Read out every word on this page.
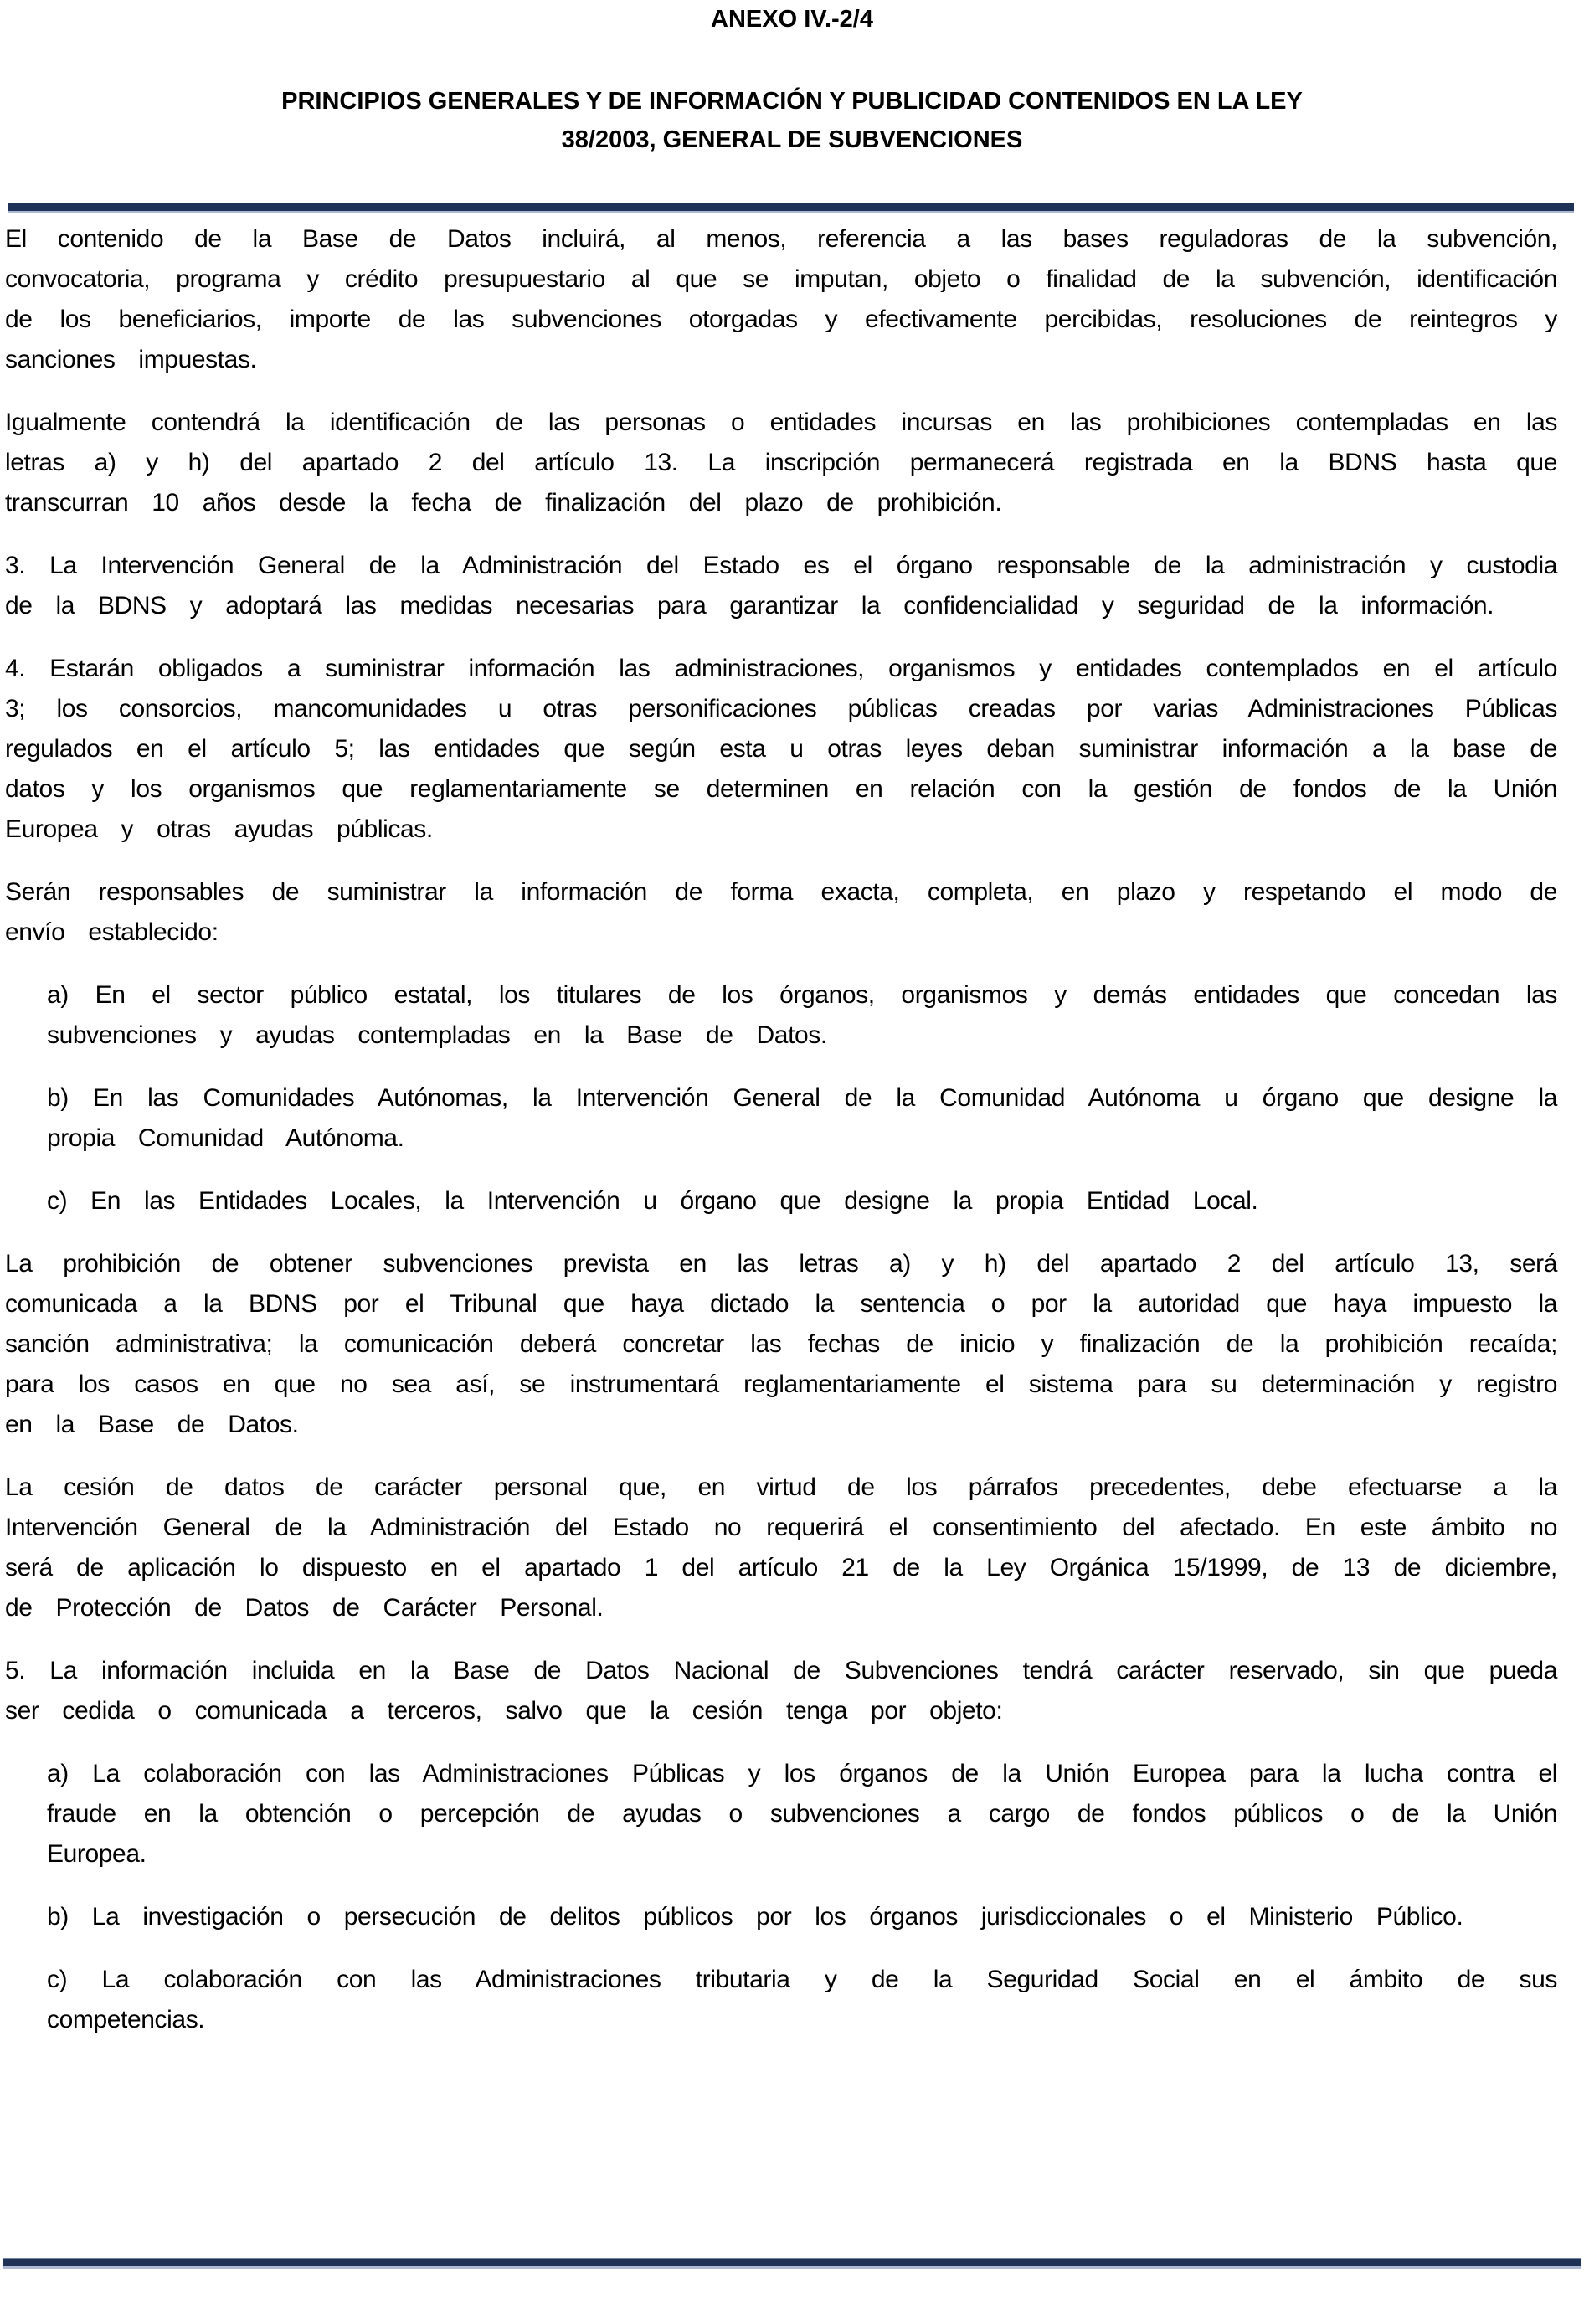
ANEXO IV.-2/4
PRINCIPIOS GENERALES Y DE INFORMACIÓN Y PUBLICIDAD CONTENIDOS EN LA LEY
38/2003, GENERAL DE SUBVENCIONES

El contenido de la Base de Datos incluirá, al menos, referencia a las bases reguladoras de la subvención, convocatoria, programa y crédito presupuestario al que se imputan, objeto o finalidad de la subvención, identificación de los beneficiarios, importe de las subvenciones otorgadas y efectivamente percibidas, resoluciones de reintegros y sanciones impuestas.

Igualmente contendrá la identificación de las personas o entidades incursas en las prohibiciones contempladas en las letras a) y h) del apartado 2 del artículo 13. La inscripción permanecerá registrada en la BDNS hasta que transcurran 10 años desde la fecha de finalización del plazo de prohibición.

3. La Intervención General de la Administración del Estado es el órgano responsable de la administración y custodia de la BDNS y adoptará las medidas necesarias para garantizar la confidencialidad y seguridad de la información.

4. Estarán obligados a suministrar información las administraciones, organismos y entidades contemplados en el artículo 3; los consorcios, mancomunidades u otras personificaciones públicas creadas por varias Administraciones Públicas regulados en el artículo 5; las entidades que según esta u otras leyes deban suministrar información a la base de datos y los organismos que reglamentariamente se determinen en relación con la gestión de fondos de la Unión Europea y otras ayudas públicas.

Serán responsables de suministrar la información de forma exacta, completa, en plazo y respetando el modo de envío establecido:

a) En el sector público estatal, los titulares de los órganos, organismos y demás entidades que concedan las subvenciones y ayudas contempladas en la Base de Datos.

b) En las Comunidades Autónomas, la Intervención General de la Comunidad Autónoma u órgano que designe la propia Comunidad Autónoma.

c) En las Entidades Locales, la Intervención u órgano que designe la propia Entidad Local.

La prohibición de obtener subvenciones prevista en las letras a) y h) del apartado 2 del artículo 13, será comunicada a la BDNS por el Tribunal que haya dictado la sentencia o por la autoridad que haya impuesto la sanción administrativa; la comunicación deberá concretar las fechas de inicio y finalización de la prohibición recaída; para los casos en que no sea así, se instrumentará reglamentariamente el sistema para su determinación y registro en la Base de Datos.

La cesión de datos de carácter personal que, en virtud de los párrafos precedentes, debe efectuarse a la Intervención General de la Administración del Estado no requerirá el consentimiento del afectado. En este ámbito no será de aplicación lo dispuesto en el apartado 1 del artículo 21 de la Ley Orgánica 15/1999, de 13 de diciembre, de Protección de Datos de Carácter Personal.

5. La información incluida en la Base de Datos Nacional de Subvenciones tendrá carácter reservado, sin que pueda ser cedida o comunicada a terceros, salvo que la cesión tenga por objeto:

a) La colaboración con las Administraciones Públicas y los órganos de la Unión Europea para la lucha contra el fraude en la obtención o percepción de ayudas o subvenciones a cargo de fondos públicos o de la Unión Europea.

b) La investigación o persecución de delitos públicos por los órganos jurisdiccionales o el Ministerio Público.

c) La colaboración con las Administraciones tributaria y de la Seguridad Social en el ámbito de sus competencias.
